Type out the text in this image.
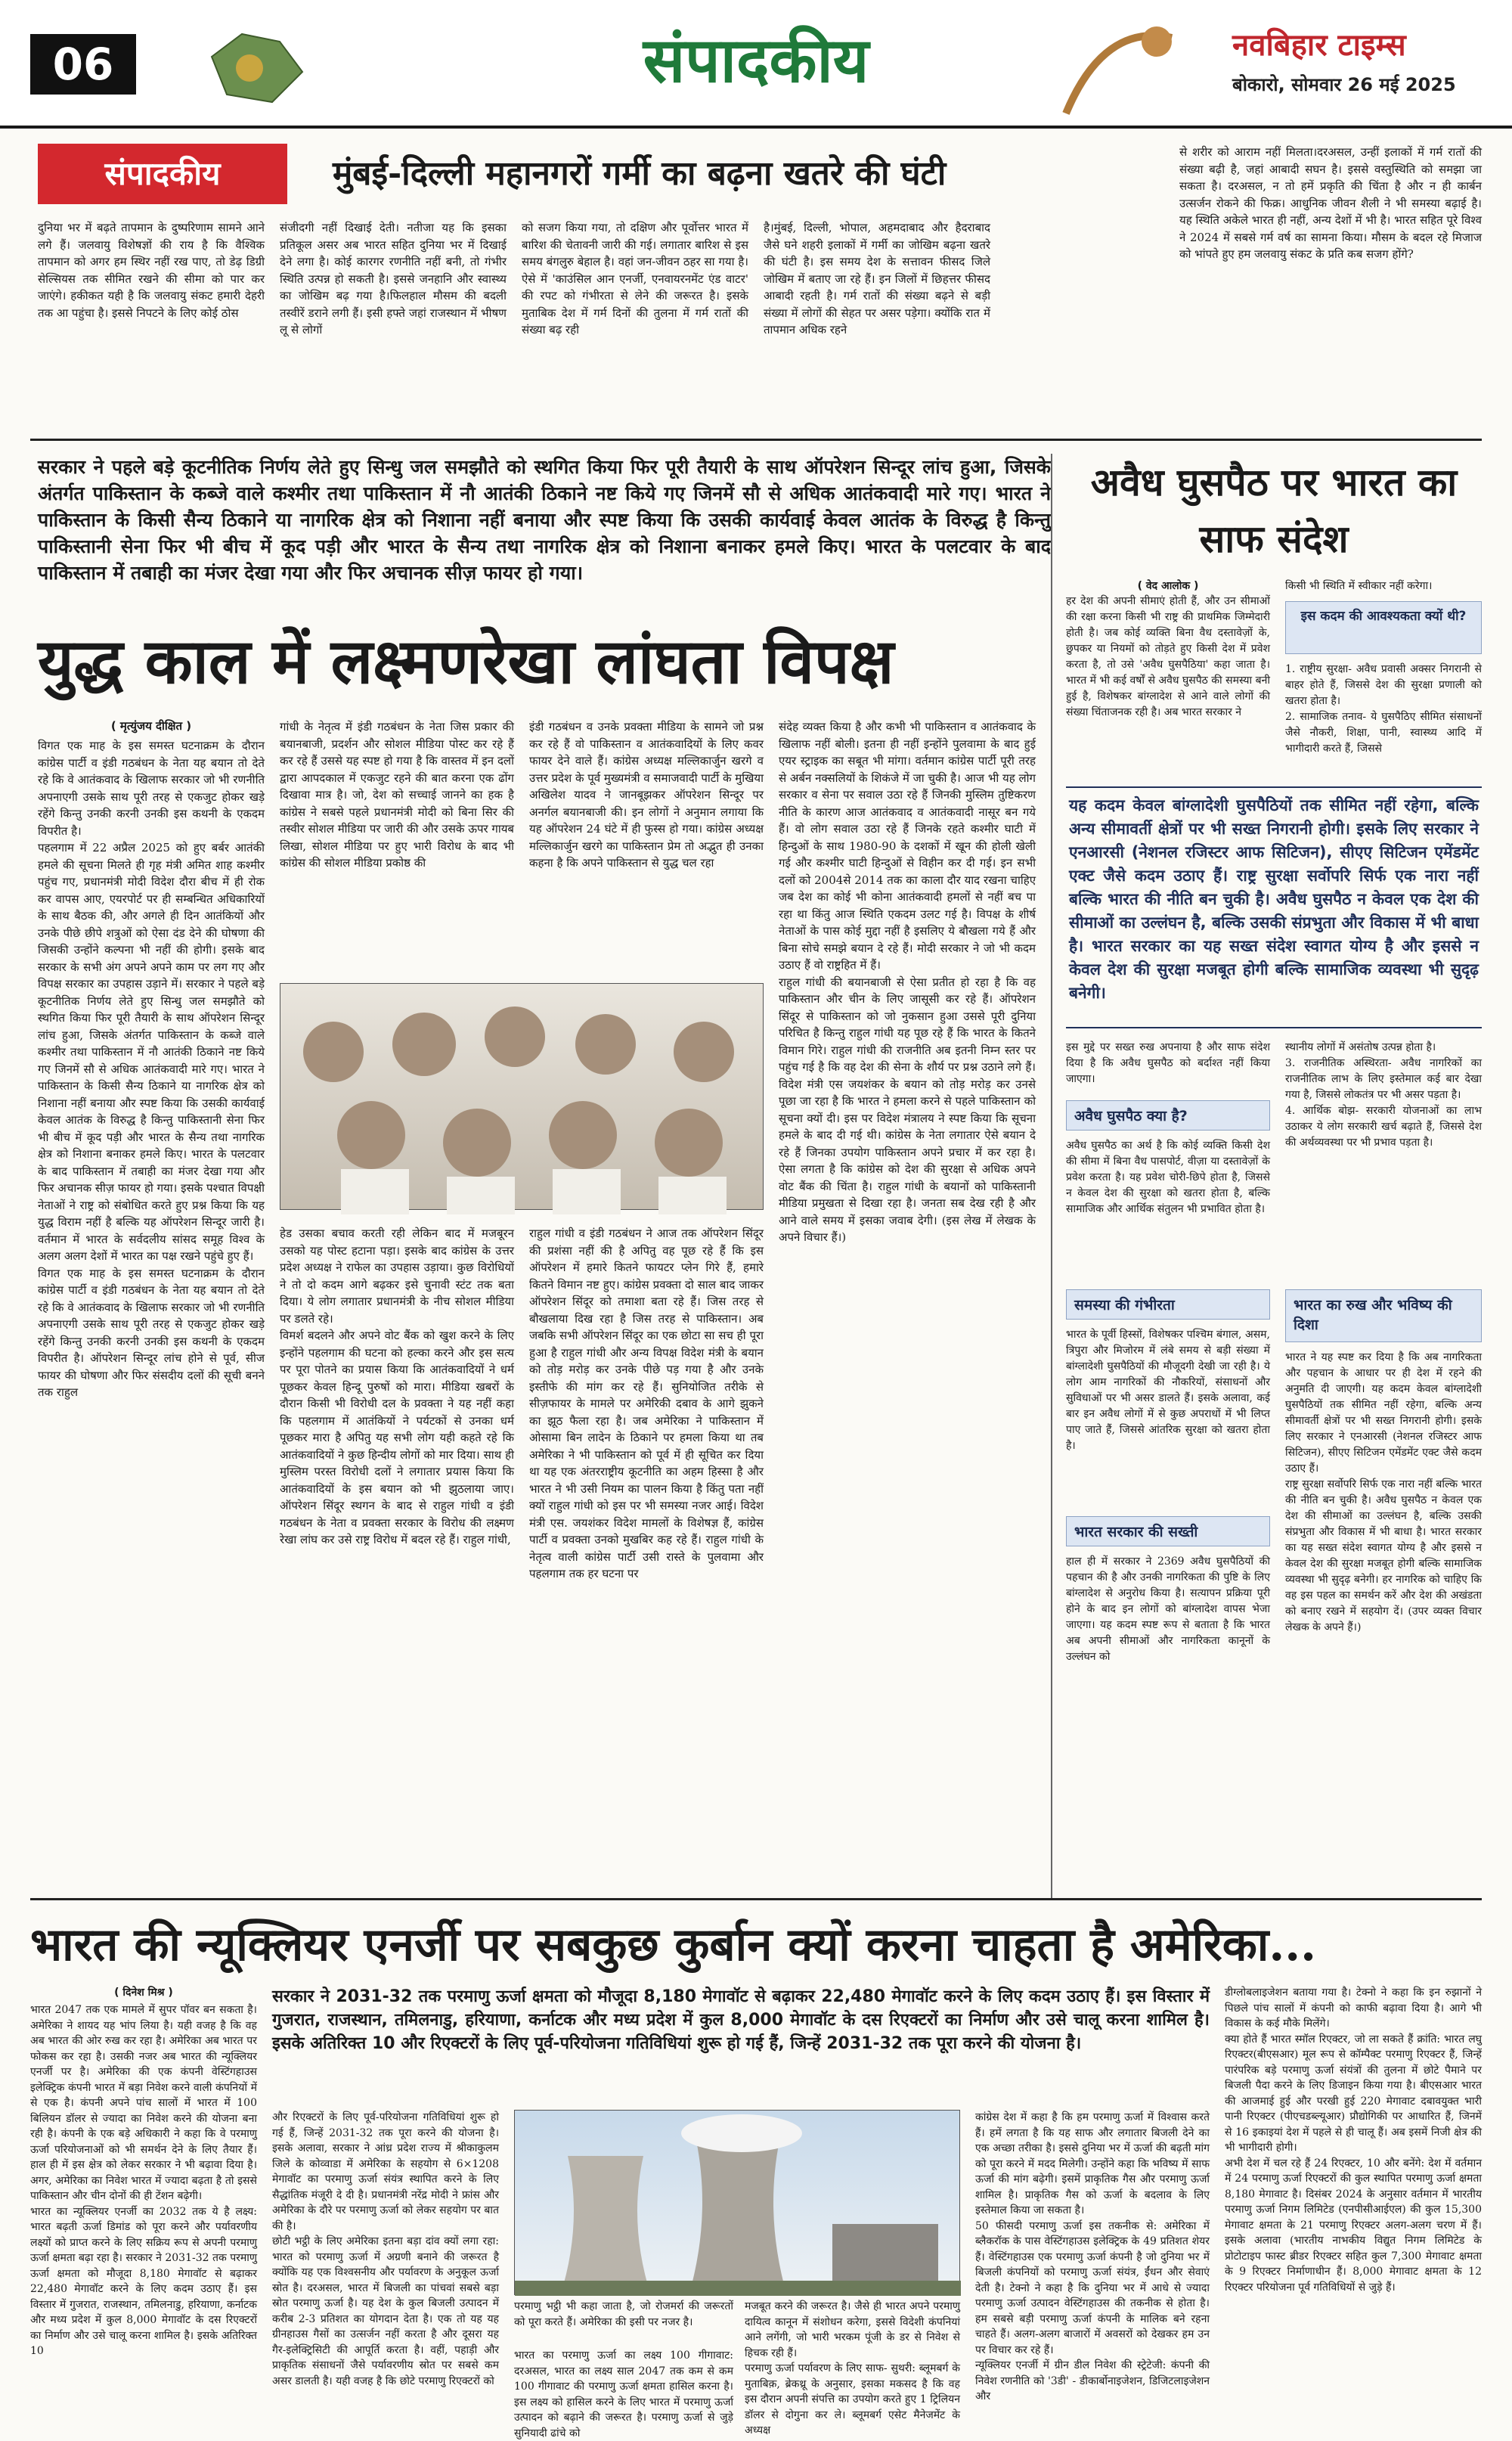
06	संपादकीय	नवबिहार टाइम्स
बोकारो, सोमवार 26 मई 2025
संपादकीय	मुंबई-दिल्ली महानगरों गर्मी का बढ़ना खतरे की घंटी
दुनिया भर में बढ़ते तापमान के दुष्परिणाम सामने आने लगे हैं। जलवायु विशेषज्ञों की राय है कि वैश्विक तापमान को अगर हम स्थिर नहीं रख पाए, तो डेढ़ डिग्री सेल्सियस तक सीमित रखने की सीमा को पार कर जाएंगे। हकीकत यही है कि जलवायु संकट हमारी देहरी तक आ पहुंचा है। इससे निपटने के लिए कोई ठोस
संजीदगी नहीं दिखाई देती। नतीजा यह कि इसका प्रतिकूल असर अब भारत सहित दुनिया भर में दिखाई देने लगा है। कोई कारगर रणनीति नहीं बनी, तो गंभीर स्थिति उत्पन्न हो सकती है। इससे जनहानि और स्वास्थ्य का जोखिम बढ़ गया है।फिलहाल मौसम की बदली तस्वीरें डराने लगी हैं। इसी हफ्ते जहां राजस्थान में भीषण लू से लोगों
को सजग किया गया, तो दक्षिण और पूर्वोत्तर भारत में बारिश की चेतावनी जारी की गई। लगातार बारिश से इस समय बंगलुरु बेहाल है। वहां जन-जीवन ठहर सा गया है। ऐसे में 'काउंसिल आन एनर्जी, एनवायरनमेंट एंड वाटर' की रपट को गंभीरता से लेने की जरूरत है। इसके मुताबिक देश में गर्म दिनों की तुलना में गर्म रातों की संख्या बढ़ रही
है।मुंबई, दिल्ली, भोपाल, अहमदाबाद और हैदराबाद जैसे घने शहरी इलाकों में गर्मी का जोखिम बढ़ना खतरे की घंटी है। इस समय देश के सत्तावन फीसद जिले जोखिम में बताए जा रहे हैं। इन जिलों में छिहत्तर फीसद आबादी रहती है। गर्म रातों की संख्या बढ़ने से बड़ी संख्या में लोगों की सेहत पर असर पड़ेगा। क्योंकि रात में तापमान अधिक रहने
से शरीर को आराम नहीं मिलता।दरअसल, उन्हीं इलाकों में गर्म रातों की संख्या बढ़ी है, जहां आबादी सघन है। इससे वस्तुस्थिति को समझा जा सकता है। दरअसल, न तो हमें प्रकृति की चिंता है और न ही कार्बन उत्सर्जन रोकने की फिक्र। आधुनिक जीवन शैली ने भी समस्या बढ़ाई है। यह स्थिति अकेले भारत ही नहीं, अन्य देशों में भी है। भारत सहित पूरे विश्व ने 2024 में सबसे गर्म वर्ष का सामना किया। मौसम के बदल रहे मिजाज को भांपते हुए हम जलवायु संकट के प्रति कब सजग होंगे?
सरकार ने पहले बड़े कूटनीतिक निर्णय लेते हुए सिन्धु जल समझौते को स्थगित किया फिर पूरी तैयारी के साथ ऑपरेशन सिन्दूर लांच हुआ, जिसके अंतर्गत पाकिस्तान के कब्जे वाले कश्मीर तथा पाकिस्तान में नौ आतंकी ठिकाने नष्ट किये गए जिनमें सौ से अधिक आतंकवादी मारे गए। भारत ने पाकिस्तान के किसी सैन्य ठिकाने या नागरिक क्षेत्र को निशाना नहीं बनाया और स्पष्ट किया कि उसकी कार्यवाई केवल आतंक के विरुद्ध है किन्तु पाकिस्तानी सेना फिर भी बीच में कूद पड़ी और भारत के सैन्य तथा नागरिक क्षेत्र को निशाना बनाकर हमले किए। भारत के पलटवार के बाद पाकिस्तान में तबाही का मंजर देखा गया और फिर अचानक सीज़ फायर हो गया।
युद्ध काल में लक्ष्मणरेखा लांघता विपक्ष
( मृत्युंजय दीक्षित )
विगत एक माह के इस समस्त घटनाक्रम के दौरान कांग्रेस पार्टी व इंडी गठबंधन के नेता यह बयान तो देते रहे कि वे आतंकवाद के खिलाफ सरकार जो भी रणनीति अपनाएगी उसके साथ पूरी तरह से एकजुट होकर खड़े रहेंगे किन्तु उनकी करनी उनकी इस कथनी के एकदम विपरीत है।
पहलगाम में 22 अप्रैल 2025 को हुए बर्बर आतंकी हमले की सूचना मिलते ही गृह मंत्री अमित शाह कश्मीर पहुंच गए, प्रधानमंत्री मोदी विदेश दौरा बीच में ही रोक कर वापस आए, एयरपोर्ट पर ही सम्बन्धित अधिकारियों के साथ बैठक की, और अगले ही दिन आतंकियों और उनके पीछे छीपे शत्रुओं को ऐसा दंड देने की घोषणा की जिसकी उन्होंने कल्पना भी नहीं की होगी। इसके बाद सरकार के सभी अंग अपने अपने काम पर लग गए और विपक्ष सरकार का उपहास उड़ाने में। सरकार ने पहले बड़े कूटनीतिक निर्णय लेते हुए सिन्धु जल समझौते को स्थगित किया फिर पूरी तैयारी के साथ ऑपरेशन सिन्दूर लांच हुआ, जिसके अंतर्गत पाकिस्तान के कब्जे वाले कश्मीर तथा पाकिस्तान में नौ आतंकी ठिकाने नष्ट किये गए जिनमें सौ से अधिक आतंकवादी मारे गए। भारत ने पाकिस्तान के किसी सैन्य ठिकाने या नागरिक क्षेत्र को निशाना नहीं बनाया और स्पष्ट किया कि उसकी कार्यवाई केवल आतंक के विरुद्ध है किन्तु पाकिस्तानी सेना फिर भी बीच में कूद पड़ी और भारत के सैन्य तथा नागरिक क्षेत्र को निशाना बनाकर हमले किए। भारत के पलटवार के बाद पाकिस्तान में तबाही का मंजर देखा गया और फिर अचानक सीज़ फायर हो गया। इसके पश्चात विपक्षी नेताओं ने राष्ट्र को संबोधित करते हुए प्रश्न किया कि यह युद्ध विराम नहीं है बल्कि यह ऑपरेशन सिन्दूर जारी है। वर्तमान में भारत के सर्वदलीय सांसद समूह विश्व के अलग अलग देशों में भारत का पक्ष रखने पहुंचे हुए हैं।
विगत एक माह के इस समस्त घटनाक्रम के दौरान कांग्रेस पार्टी व इंडी गठबंधन के नेता यह बयान तो देते रहे कि वे आतंकवाद के खिलाफ सरकार जो भी रणनीति अपनाएगी उसके साथ पूरी तरह से एकजुट होकर खड़े रहेंगे किन्तु उनकी करनी उनकी इस कथनी के एकदम विपरीत है। ऑपरेशन सिन्दूर लांच होने से पूर्व, सीज फायर की घोषणा और फिर संसदीय दलों की सूची बनने तक राहुल
गांधी के नेतृत्व में इंडी गठबंधन के नेता जिस प्रकार की बयानबाजी, प्रदर्शन और सोशल मीडिया पोस्ट कर रहे हैं कर रहे हैं उससे यह स्पष्ट हो गया है कि वास्तव में इन दलों द्वारा आपदकाल में एकजुट रहने की बात करना एक ढोंग दिखावा मात्र है। जो, देश को सच्चाई जानने का हक है कांग्रेस ने सबसे पहले प्रधानमंत्री मोदी को बिना सिर की तस्वीर सोशल मीडिया पर जारी की और उसके ऊपर गायब लिखा, सोशल मीडिया पर हुए भारी विरोध के बाद भी कांग्रेस की सोशल मीडिया प्रकोष्ठ की
इंडी गठबंधन व उनके प्रवक्ता मीडिया के सामने जो प्रश्न कर रहे हैं वो पाकिस्तान व आतंकवादियों के लिए कवर फायर देने वाले हैं। कांग्रेस अध्यक्ष मल्लिकार्जुन खरगे व उत्तर प्रदेश के पूर्व मुख्यमंत्री व समाजवादी पार्टी के मुखिया अखिलेश यादव ने जानबूझकर ऑपरेशन सिन्दूर पर अनर्गल बयानबाजी की। इन लोगों ने अनुमान लगाया कि यह ऑपरेशन 24 घंटे में ही फुस्स हो गया। कांग्रेस अध्यक्ष मल्लिकार्जुन खरगे का पाकिस्तान प्रेम तो अद्भुत ही उनका कहना है कि अपने पाकिस्तान से युद्ध चल रहा
हेड उसका बचाव करती रही लेकिन बाद में मजबूरन उसको यह पोस्ट हटाना पड़ा। इसके बाद कांग्रेस के उत्तर प्रदेश अध्यक्ष ने राफेल का उपहास उड़ाया। कुछ विरोधियों ने तो दो कदम आगे बढ़कर इसे चुनावी स्टंट तक बता दिया। ये लोग लगातार प्रधानमंत्री के नीच सोशल मीडिया पर डलते रहे।
विमर्श बदलने और अपने वोट बैंक को खुश करने के लिए इन्होंने पहलगाम की घटना को हल्का करने और इस सत्य पर पूरा पोतने का प्रयास किया कि आतंकवादियों ने धर्म पूछकर केवल हिन्दू पुरुषों को मारा। मीडिया खबरों के दौरान किसी भी विरोधी दल के प्रवक्ता ने यह नहीं कहा कि पहलगाम में आतंकियों ने पर्यटकों से उनका धर्म पूछकर मारा है अपितु यह सभी लोग यही कहते रहे कि आतंकवादियों ने कुछ हिन्दीय लोगों को मार दिया। साथ ही मुस्लिम परस्त विरोधी दलों ने लगातार प्रयास किया कि आतंकवादियों के इस बयान को भी झुठलाया जाए। ऑपरेशन सिंदूर स्थगन के बाद से राहुल गांधी व इंडी गठबंधन के नेता व प्रवक्ता सरकार के विरोध की लक्ष्मण रेखा लांघ कर उसे राष्ट्र विरोध में बदल रहे हैं। राहुल गांधी,
राहुल गांधी व इंडी गठबंधन ने आज तक ऑपरेशन सिंदूर की प्रशंसा नहीं की है अपितु वह पूछ रहे हैं कि इस ऑपरेशन में हमारे कितने फायटर प्लेन गिरे हैं, हमारे कितने विमान नष्ट हुए। कांग्रेस प्रवक्ता दो साल बाद जाकर ऑपरेशन सिंदूर को तमाशा बता रहे हैं। जिस तरह से बौखलाया दिख रहा है जिस तरह से पाकिस्तान। अब जबकि सभी ऑपरेशन सिंदूर का एक छोटा सा सच ही पूरा हुआ है राहुल गांधी और अन्य विपक्ष विदेश मंत्री के बयान को तोड़ मरोड़ कर उनके पीछे पड़ गया है और उनके इस्तीफे की मांग कर रहे हैं। सुनियोजित तरीके से सीज़फायर के मामले पर अमेरिकी दबाव के आगे झुकने का झूठ फैला रहा है। जब अमेरिका ने पाकिस्तान में ओसामा बिन लादेन के ठिकाने पर हमला किया था तब अमेरिका ने भी पाकिस्तान को पूर्व में ही सूचित कर दिया था यह एक अंतरराष्ट्रीय कूटनीति का अहम हिस्सा है और भारत ने भी उसी नियम का पालन किया है किंतु पता नहीं क्यों राहुल गांधी को इस पर भी समस्या नजर आई। विदेश मंत्री एस. जयशंकर विदेश मामलों के विशेषज्ञ हैं, कांग्रेस पार्टी व प्रवक्ता उनको मुखबिर कह रहे हैं। राहुल गांधी के नेतृत्व वाली कांग्रेस पार्टी उसी रास्ते के पुलवामा और पहलगाम तक हर घटना पर
संदेह व्यक्त किया है और कभी भी पाकिस्तान व आतंकवाद के खिलाफ नहीं बोली। इतना ही नहीं इन्होंने पुलवामा के बाद हुई एयर स्ट्राइक का सबूत भी मांगा। वर्तमान कांग्रेस पार्टी पूरी तरह से अर्बन नक्सलियों के शिकंजे में जा चुकी है। आज भी यह लोग सरकार व सेना पर सवाल उठा रहे हैं जिनकी मुस्लिम तुष्टिकरण नीति के कारण आज आतंकवाद व आतंकवादी नासूर बन गये हैं। वो लोग सवाल उठा रहे हैं जिनके रहते कश्मीर घाटी में हिन्दुओं के साथ 1980-90 के दशकों में खून की होली खेली गई और कश्मीर घाटी हिन्दुओं से विहीन कर दी गई। इन सभी दलों को 2004से 2014 तक का काला दौर याद रखना चाहिए जब देश का कोई भी कोना आतंकवादी हमलों से नहीं बच पा रहा था किंतु आज स्थिति एकदम उलट गई है। विपक्ष के शीर्ष नेताओं के पास कोई मुद्दा नहीं है इसलिए ये बौखला गये हैं और बिना सोचे समझे बयान दे रहे हैं। मोदी सरकार ने जो भी कदम उठाए हैं वो राष्ट्रहित में हैं।
राहुल गांधी की बयानबाजी से ऐसा प्रतीत हो रहा है कि वह पाकिस्तान और चीन के लिए जासूसी कर रहे हैं। ऑपरेशन सिंदूर से पाकिस्तान को जो नुकसान हुआ उससे पूरी दुनिया परिचित है किन्तु राहुल गांधी यह पूछ रहे हैं कि भारत के कितने विमान गिरे। राहुल गांधी की राजनीति अब इतनी निम्न स्तर पर पहुंच गई है कि वह देश की सेना के शौर्य पर प्रश्न उठाने लगे हैं। विदेश मंत्री एस जयशंकर के बयान को तोड़ मरोड़ कर उनसे पूछा जा रहा है कि भारत ने हमला करने से पहले पाकिस्तान को सूचना क्यों दी। इस पर विदेश मंत्रालय ने स्पष्ट किया कि सूचना हमले के बाद दी गई थी। कांग्रेस के नेता लगातार ऐसे बयान दे रहे हैं जिनका उपयोग पाकिस्तान अपने प्रचार में कर रहा है। ऐसा लगता है कि कांग्रेस को देश की सुरक्षा से अधिक अपने वोट बैंक की चिंता है। राहुल गांधी के बयानों को पाकिस्तानी मीडिया प्रमुखता से दिखा रहा है। जनता सब देख रही है और आने वाले समय में इसका जवाब देगी। (इस लेख में लेखक के अपने विचार हैं।)
अवैध घुसपैठ पर भारत का साफ संदेश
( वेद आलोक )
हर देश की अपनी सीमाएं होती हैं, और उन सीमाओं की रक्षा करना किसी भी राष्ट्र की प्राथमिक जिम्मेदारी होती है। जब कोई व्यक्ति बिना वैध दस्तावेज़ों के, छुपकर या नियमों को तोड़ते हुए किसी देश में प्रवेश करता है, तो उसे 'अवैध घुसपैठिया' कहा जाता है। भारत में भी कई वर्षों से अवैध घुसपैठ की समस्या बनी हुई है, विशेषकर बांग्लादेश से आने वाले लोगों की संख्या चिंताजनक रही है। अब भारत सरकार ने
किसी भी स्थिति में स्वीकार नहीं करेगा।
इस कदम की आवश्यकता क्यों थी?
1. राष्ट्रीय सुरक्षा- अवैध प्रवासी अक्सर निगरानी से बाहर होते हैं, जिससे देश की सुरक्षा प्रणाली को खतरा होता है।
2. सामाजिक तनाव- ये घुसपैठिए सीमित संसाधनों जैसे नौकरी, शिक्षा, पानी, स्वास्थ्य आदि में भागीदारी करते हैं, जिससे
यह कदम केवल बांग्लादेशी घुसपैठियों तक सीमित नहीं रहेगा, बल्कि अन्य सीमावर्ती क्षेत्रों पर भी सख्त निगरानी होगी। इसके लिए सरकार ने एनआरसी (नेशनल रजिस्टर आफ सिटिजन), सीएए सिटिजन एमेंडमेंट एक्ट जैसे कदम उठाए हैं। राष्ट्र सुरक्षा सर्वोपरि सिर्फ एक नारा नहीं बल्कि भारत की नीति बन चुकी है। अवैध घुसपैठ न केवल एक देश की सीमाओं का उल्लंघन है, बल्कि उसकी संप्रभुता और विकास में भी बाधा है। भारत सरकार का यह सख्त संदेश स्वागत योग्य है और इससे न केवल देश की सुरक्षा मजबूत होगी बल्कि सामाजिक व्यवस्था भी सुदृढ़ बनेगी।
इस मुद्दे पर सख्त रुख अपनाया है और साफ संदेश दिया है कि अवैध घुसपैठ को बर्दाश्त नहीं किया जाएगा।
अवैध घुसपैठ क्या है?
अवैध घुसपैठ का अर्थ है कि कोई व्यक्ति किसी देश की सीमा में बिना वैध पासपोर्ट, वीज़ा या दस्तावेज़ों के प्रवेश करता है। यह प्रवेश चोरी-छिपे होता है, जिससे न केवल देश की सुरक्षा को खतरा होता है, बल्कि सामाजिक और आर्थिक संतुलन भी प्रभावित होता है।
समस्या की गंभीरता
भारत के पूर्वी हिस्सों, विशेषकर पश्चिम बंगाल, असम, त्रिपुरा और मिजोरम में लंबे समय से बड़ी संख्या में बांग्लादेशी घुसपैठियों की मौजूदगी देखी जा रही है। ये लोग आम नागरिकों की नौकरियों, संसाधनों और सुविधाओं पर भी असर डालते हैं। इसके अलावा, कई बार इन अवैध लोगों में से कुछ अपराधों में भी लिप्त पाए जाते हैं, जिससे आंतरिक सुरक्षा को खतरा होता है।
भारत सरकार की सख्ती
हाल ही में सरकार ने 2369 अवैध घुसपैठियों की पहचान की है और उनकी नागरिकता की पुष्टि के लिए बांग्लादेश से अनुरोध किया है। सत्यापन प्रक्रिया पूरी होने के बाद इन लोगों को बांग्लादेश वापस भेजा जाएगा। यह कदम स्पष्ट रूप से बताता है कि भारत अब अपनी सीमाओं और नागरिकता कानूनों के उल्लंघन को
स्थानीय लोगों में असंतोष उत्पन्न होता है।
3. राजनीतिक अस्थिरता- अवैध नागरिकों का राजनीतिक लाभ के लिए इस्तेमाल कई बार देखा गया है, जिससे लोकतंत्र पर भी असर पड़ता है।
4. आर्थिक बोझ- सरकारी योजनाओं का लाभ उठाकर ये लोग सरकारी खर्च बढ़ाते हैं, जिससे देश की अर्थव्यवस्था पर भी प्रभाव पड़ता है।
भारत का रुख और भविष्य की दिशा
भारत ने यह स्पष्ट कर दिया है कि अब नागरिकता और पहचान के आधार पर ही देश में रहने की अनुमति दी जाएगी। यह कदम केवल बांग्लादेशी घुसपैठियों तक सीमित नहीं रहेगा, बल्कि अन्य सीमावर्ती क्षेत्रों पर भी सख्त निगरानी होगी। इसके लिए सरकार ने एनआरसी (नेशनल रजिस्टर आफ सिटिजन), सीएए सिटिजन एमेंडमेंट एक्ट जैसे कदम उठाए हैं।
राष्ट्र सुरक्षा सर्वोपरि सिर्फ एक नारा नहीं बल्कि भारत की नीति बन चुकी है। अवैध घुसपैठ न केवल एक देश की सीमाओं का उल्लंघन है, बल्कि उसकी संप्रभुता और विकास में भी बाधा है। भारत सरकार का यह सख्त संदेश स्वागत योग्य है और इससे न केवल देश की सुरक्षा मजबूत होगी बल्कि सामाजिक व्यवस्था भी सुदृढ़ बनेगी। हर नागरिक को चाहिए कि वह इस पहल का समर्थन करें और देश की अखंडता को बनाए रखने में सहयोग दें। (उपर व्यक्त विचार लेखक के अपने हैं।)
भारत की न्यूक्लियर एनर्जी पर सबकुछ कुर्बान क्यों करना चाहता है अमेरिका...
( दिनेश मिश्र )
भारत 2047 तक एक मामले में सुपर पॉवर बन सकता है। अमेरिका ने शायद यह भांप लिया है। यही वजह है कि वह अब भारत की ओर रुख कर रहा है। अमेरिका अब भारत पर फोकस कर रहा है। उसकी नजर अब भारत की न्यूक्लियर एनर्जी पर है। अमेरिका की एक कंपनी वेस्टिंगहाउस इलेक्ट्रिक कंपनी भारत में बड़ा निवेश करने वाली कंपनियों में से एक है। कंपनी अपने पांच सालों में भारत में 100 बिलियन डॉलर से ज्यादा का निवेश करने की योजना बना रही है। कंपनी के एक बड़े अधिकारी ने कहा कि वे परमाणु ऊर्जा परियोजनाओं को भी समर्थन देने के लिए तैयार हैं। हाल ही में इस क्षेत्र को लेकर सरकार ने भी बढ़ावा दिया है। अगर, अमेरिका का निवेश भारत में ज्यादा बढ़ता है तो इससे पाकिस्तान और चीन दोनों की ही टेंशन बढ़ेगी।
भारत का न्यूक्लियर एनर्जी का 2032 तक ये है लक्ष्य: भारत बढ़ती ऊर्जा डिमांड को पूरा करने और पर्यावरणीय लक्ष्यों को प्राप्त करने के लिए सक्रिय रूप से अपनी परमाणु ऊर्जा क्षमता बढ़ा रहा है। सरकार ने 2031-32 तक परमाणु ऊर्जा क्षमता को मौजूदा 8,180 मेगावॉट से बढ़ाकर 22,480 मेगावॉट करने के लिए कदम उठाए हैं। इस विस्तार में गुजरात, राजस्थान, तमिलनाडु, हरियाणा, कर्नाटक और मध्य प्रदेश में कुल 8,000 मेगावॉट के दस रिएक्टरों का निर्माण और उसे चालू करना शामिल है। इसके अतिरिक्त 10
सरकार ने 2031-32 तक परमाणु ऊर्जा क्षमता को मौजूदा 8,180 मेगावॉट से बढ़ाकर 22,480 मेगावॉट करने के लिए कदम उठाए हैं। इस विस्तार में गुजरात, राजस्थान, तमिलनाडु, हरियाणा, कर्नाटक और मध्य प्रदेश में कुल 8,000 मेगावॉट के दस रिएक्टरों का निर्माण और उसे चालू करना शामिल है। इसके अतिरिक्त 10 और रिएक्टरों के लिए पूर्व-परियोजना गतिविधियां शुरू हो गई हैं, जिन्हें 2031-32 तक पूरा करने की योजना है।
और रिएक्टरों के लिए पूर्व-परियोजना गतिविधियां शुरू हो गई हैं, जिन्हें 2031-32 तक पूरा करने की योजना है। इसके अलावा, सरकार ने आंध्र प्रदेश राज्य में श्रीकाकुलम जिले के कोव्वाडा में अमेरिका के सहयोग से 6×1208 मेगावॉट का परमाणु ऊर्जा संयंत्र स्थापित करने के लिए सैद्धांतिक मंजूरी दे दी है। प्रधानमंत्री नरेंद्र मोदी ने फ्रांस और अमेरिका के दौरे पर परमाणु ऊर्जा को लेकर सहयोग पर बात की है।
छोटी भट्ठी के लिए अमेरिका इतना बड़ा दांव क्यों लगा रहा: भारत को परमाणु ऊर्जा में अग्रणी बनाने की जरूरत है क्योंकि यह एक विश्वसनीय और पर्यावरण के अनुकूल ऊर्जा स्रोत है। दरअसल, भारत में बिजली का पांचवां सबसे बड़ा स्रोत परमाणु ऊर्जा है। यह देश के कुल बिजली उत्पादन में करीब 2-3 प्रतिशत का योगदान देता है। एक तो यह यह ग्रीनहाउस गैसों का उत्सर्जन नहीं करता है और दूसरा यह गैर-इलेक्ट्रिसिटी की आपूर्ति करता है। वहीं, पहाड़ी और प्राकृतिक संसाधनों जैसे पर्यावरणीय स्रोत पर सबसे कम असर डालती है। यही वजह है कि छोटे परमाणु रिएक्टरों को
परमाणु भट्ठी भी कहा जाता है, जो रोजमर्रा की जरूरतों को पूरा करते हैं। अमेरिका की इसी पर नजर है।
भारत का परमाणु ऊर्जा का लक्ष्य 100 गीगावाट: दरअसल, भारत का लक्ष्य साल 2047 तक कम से कम 100 गीगावाट की परमाणु ऊर्जा क्षमता हासिल करना है। इस लक्ष्य को हासिल करने के लिए भारत में परमाणु ऊर्जा उत्पादन को बढ़ाने की जरूरत है। परमाणु ऊर्जा से जुड़े सुनियादी ढांचे को
मजबूत करने की जरूरत है। जैसे ही भारत अपने परमाणु दायित्व कानून में संशोधन करेगा, इससे विदेशी कंपनियां आने लगेंगी, जो भारी भरकम पूंजी के डर से निवेश से हिचक रही हैं।
परमाणु ऊर्जा पर्यावरण के लिए साफ- सुथरी: ब्लूमबर्ग के मुताबिक़, ब्रेकथ्रू के अनुसार, इसका मकसद है कि वह इस दौरान अपनी संपत्ति का उपयोग करते हुए 1 ट्रिलियन डॉलर से दोगुना कर ले। ब्लूमबर्ग एसेट मैनेजमेंट के अध्यक्ष
कांग्रेस देश में कहा है कि हम परमाणु ऊर्जा में विश्वास करते हैं। हमें लगता है कि यह साफ और लगातार बिजली देने का एक अच्छा तरीका है। इससे दुनिया भर में ऊर्जा की बढ़ती मांग को पूरा करने में मदद मिलेगी। उन्होंने कहा कि भविष्य में साफ ऊर्जा की मांग बढ़ेगी। इसमें प्राकृतिक गैस और परमाणु ऊर्जा शामिल है। प्राकृतिक गैस को ऊर्जा के बदलाव के लिए इस्तेमाल किया जा सकता है।
50 फीसदी परमाणु ऊर्जा इस तकनीक से: अमेरिका में ब्लैकरॉक के पास वेस्टिंगहाउस इलेक्ट्रिक के 49 प्रतिशत शेयर हैं। वेस्टिंगहाउस एक परमाणु ऊर्जा कंपनी है जो दुनिया भर में बिजली कंपनियों को परमाणु ऊर्जा संयंत्र, ईंधन और सेवाएं देती है। टेक्नो ने कहा है कि दुनिया भर में आधे से ज्यादा परमाणु ऊर्जा उत्पादन वेस्टिंगहाउस की तकनीक से होता है। हम सबसे बड़ी परमाणु ऊर्जा कंपनी के मालिक बने रहना चाहते हैं। अलग-अलग बाजारों में अवसरों को देखकर हम उन पर विचार कर रहे हैं।
न्यूक्लियर एनर्जी में ग्रीन डील निवेश की स्ट्रेटेजी: कंपनी की निवेश रणनीति को '3डी' - डीकार्बोनाइजेशन, डिजिटलाइजेशन और
डीग्लोबलाइजेशन बताया गया है। टेक्नो ने कहा कि इन रुझानों ने पिछले पांच सालों में कंपनी को काफी बढ़ावा दिया है। आगे भी विकास के कई मौके मिलेंगे।
क्या होते हैं भारत स्मॉल रिएक्टर, जो ला सकते हैं क्रांति: भारत लघु रिएक्टर(बीएसआर) मूल रूप से कॉम्पैक्ट परमाणु रिएक्टर हैं, जिन्हें पारंपरिक बड़े परमाणु ऊर्जा संयंत्रों की तुलना में छोटे पैमाने पर बिजली पैदा करने के लिए डिजाइन किया गया है। बीएसआर भारत की आजमाई हुई और परखी हुई 220 मेगावाट दबावयुक्त भारी पानी रिएक्टर (पीएचडब्ल्यूआर) प्रौद्योगिकी पर आधारित हैं, जिनमें से 16 इकाइयां देश में पहले से ही चालू हैं। अब इसमें निजी क्षेत्र की भी भागीदारी होगी।
अभी देश में चल रहे हैं 24 रिएक्टर, 10 और बनेंगे: देश में वर्तमान में 24 परमाणु ऊर्जा रिएक्टरों की कुल स्थापित परमाणु ऊर्जा क्षमता 8,180 मेगावाट है। दिसंबर 2024 के अनुसार वर्तमान में भारतीय परमाणु ऊर्जा निगम लिमिटेड (एनपीसीआईएल) की कुल 15,300 मेगावाट क्षमता के 21 परमाणु रिएक्टर अलग-अलग चरण में हैं। इसके अलावा (भारतीय नाभकीय विद्युत निगम लिमिटेड के प्रोटोटाइप फास्ट ब्रीडर रिएक्टर सहित कुल 7,300 मेगावाट क्षमता के 9 रिएक्टर निर्माणाधीन हैं। 8,000 मेगावाट क्षमता के 12 रिएक्टर परियोजना पूर्व गतिविधियों से जुड़े हैं।
